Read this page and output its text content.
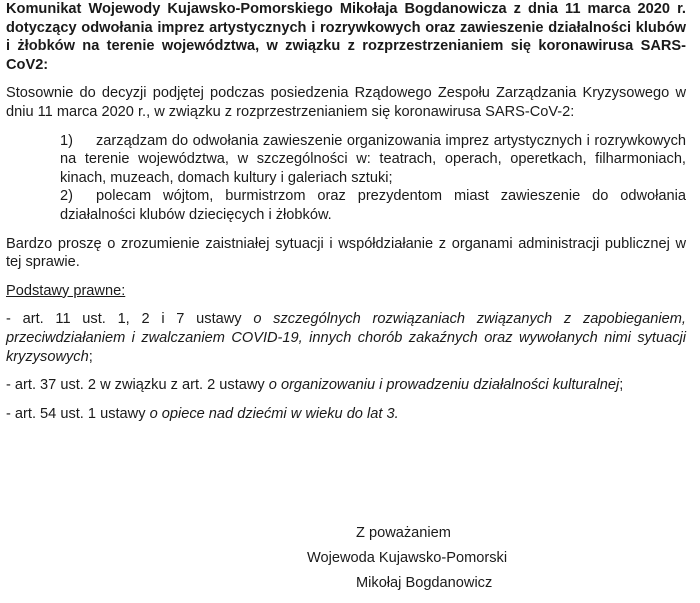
Komunikat Wojewody Kujawsko-Pomorskiego Mikołaja Bogdanowicza z dnia 11 marca 2020 r. dotyczący odwołania imprez artystycznych i rozrywkowych oraz zawieszenie działalności klubów i żłobków na terenie województwa, w związku z rozprzestrzenianiem się koronawirusa SARS-CoV2:

Stosownie do decyzji podjętej podczas posiedzenia Rządowego Zespołu Zarządzania Kryzysowego w dniu 11 marca 2020 r., w związku z rozprzestrzenianiem się koronawirusa SARS-CoV-2:

1) zarządzam do odwołania zawieszenie organizowania imprez artystycznych i rozrywkowych na terenie województwa, w szczególności w: teatrach, operach, operetkach, filharmoniach, kinach, muzeach, domach kultury i galeriach sztuki;
2) polecam wójtom, burmistrzom oraz prezydentom miast zawieszenie do odwołania działalności klubów dziecięcych i żłobków.

Bardzo proszę o zrozumienie zaistniałej sytuacji i współdziałanie z organami administracji publicznej w tej sprawie.

Podstawy prawne:

- art. 11 ust. 1, 2 i 7 ustawy o szczególnych rozwiązaniach związanych z zapobieganiem, przeciwdziałaniem i zwalczaniem COVID-19, innych chorób zakaźnych oraz wywołanych nimi sytuacji kryzysowych;

- art. 37 ust. 2 w związku z art. 2 ustawy o organizowaniu i prowadzeniu działalności kulturalnej;

- art. 54 ust. 1 ustawy o opiece nad dziećmi w wieku do lat 3.

Z poważaniem
Wojewoda Kujawsko-Pomorski
Mikołaj Bogdanowicz
